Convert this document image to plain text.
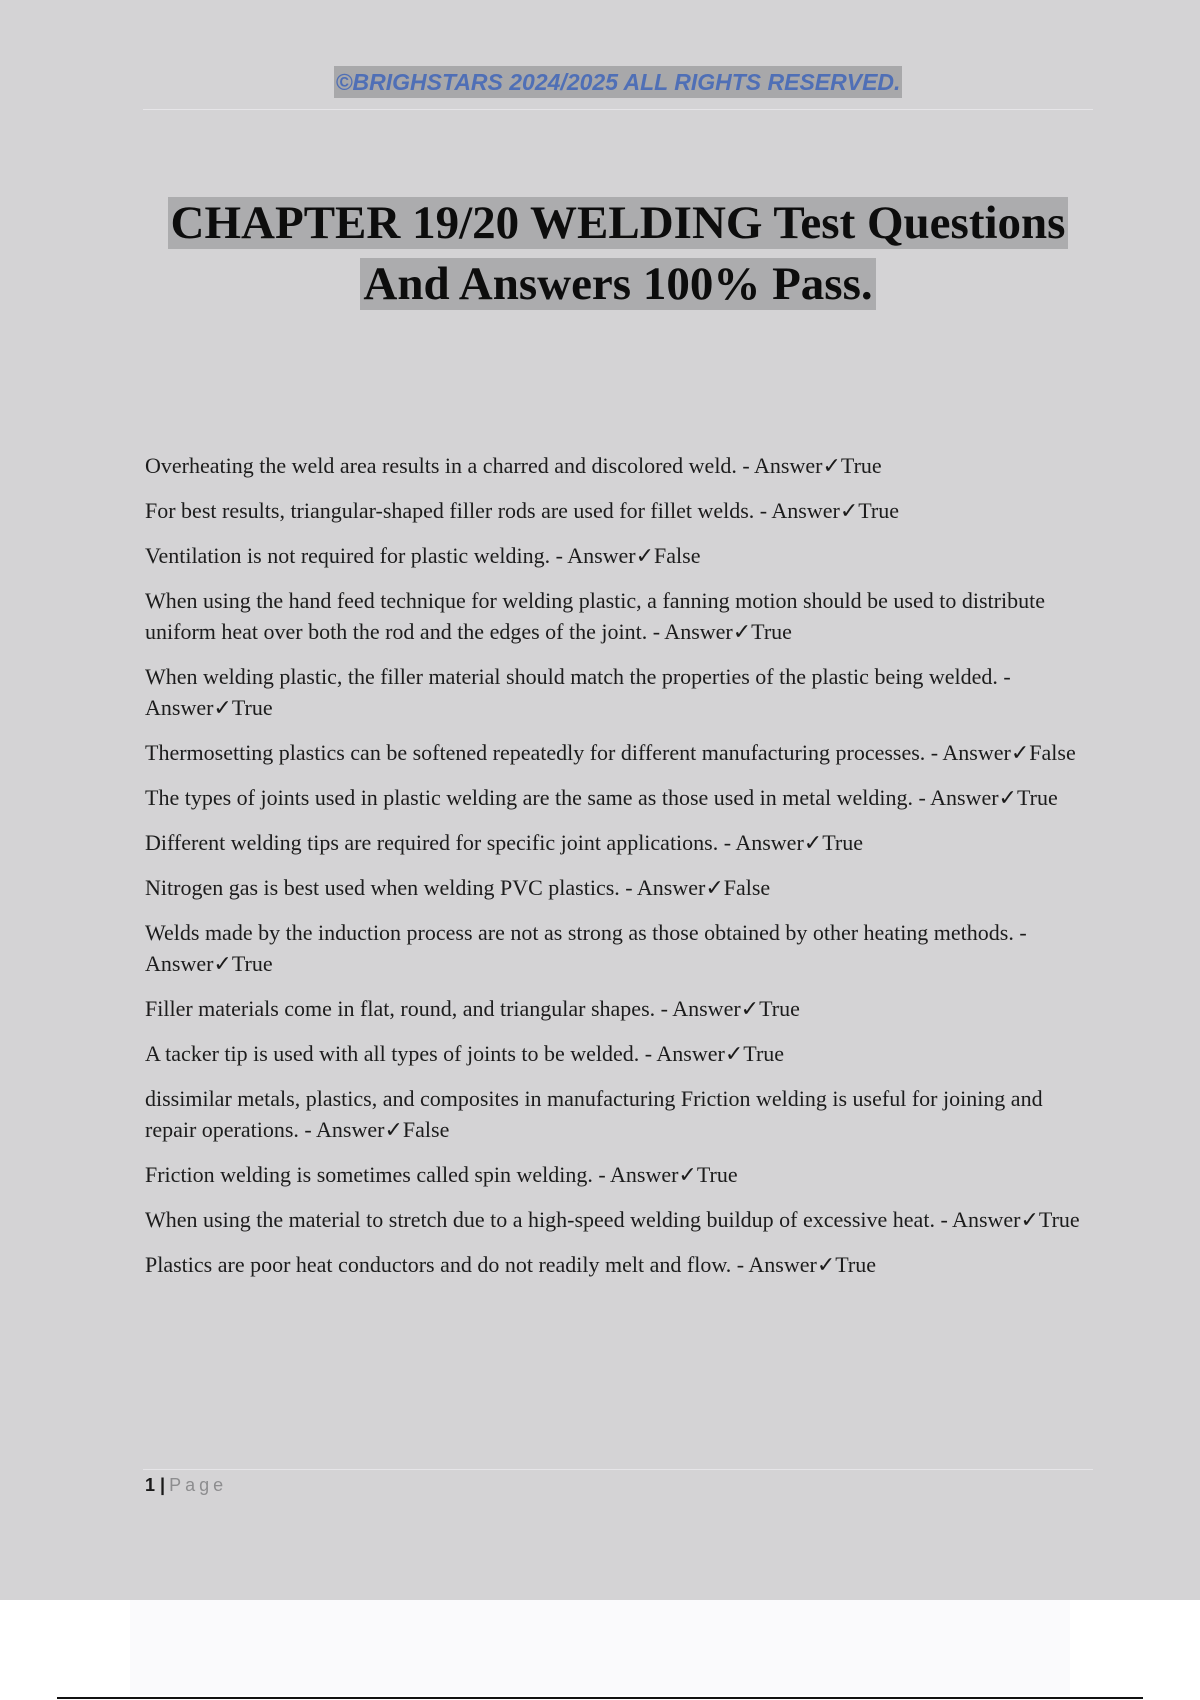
©BRIGHSTARS 2024/2025 ALL RIGHTS RESERVED.
CHAPTER 19/20 WELDING Test Questions
And Answers 100% Pass.
Overheating the weld area results in a charred and discolored weld. - Answer✓True
For best results, triangular-shaped filler rods are used for fillet welds. - Answer✓True
Ventilation is not required for plastic welding. - Answer✓False
When using the hand feed technique for welding plastic, a fanning motion should be used to distribute uniform heat over both the rod and the edges of the joint. - Answer✓True
When welding plastic, the filler material should match the properties of the plastic being welded. - Answer✓True
Thermosetting plastics can be softened repeatedly for different manufacturing processes. - Answer✓False
The types of joints used in plastic welding are the same as those used in metal welding. - Answer✓True
Different welding tips are required for specific joint applications. - Answer✓True
Nitrogen gas is best used when welding PVC plastics. - Answer✓False
Welds made by the induction process are not as strong as those obtained by other heating methods. - Answer✓True
Filler materials come in flat, round, and triangular shapes. - Answer✓True
A tacker tip is used with all types of joints to be welded. - Answer✓True
dissimilar metals, plastics, and composites in manufacturing Friction welding is useful for joining and repair operations. - Answer✓False
Friction welding is sometimes called spin welding. - Answer✓True
When using the material to stretch due to a high-speed welding buildup of excessive heat. - Answer✓True
Plastics are poor heat conductors and do not readily melt and flow. - Answer✓True
1 | Page
